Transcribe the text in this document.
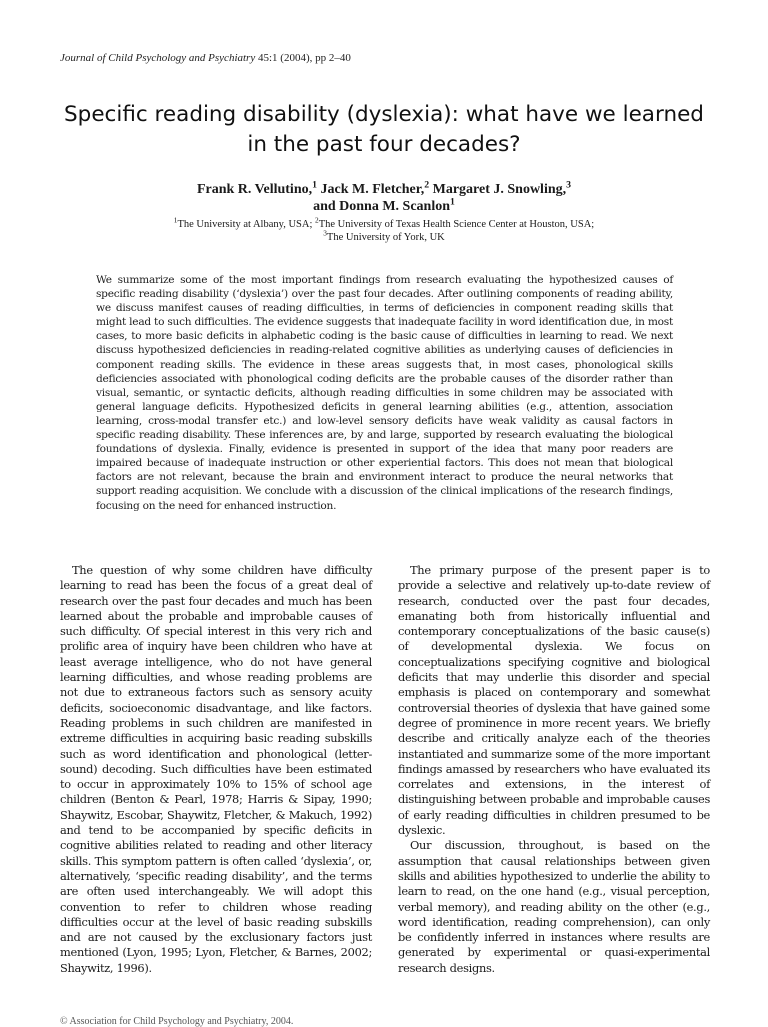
Journal of Child Psychology and Psychiatry 45:1 (2004), pp 2–40
Specific reading disability (dyslexia): what have we learned in the past four decades?
Frank R. Vellutino,$^1$ Jack M. Fletcher,$^2$ Margaret J. Snowling,$^3$
and Donna M. Scanlon$^1$
$^1$The University at Albany, USA; $^2$The University of Texas Health Science Center at Houston, USA;
$^3$The University of York, UK
We summarize some of the most important findings from research evaluating the hypothesized causes of specific reading disability (‘dyslexia’) over the past four decades. After outlining components of reading ability, we discuss manifest causes of reading difficulties, in terms of deficiencies in component reading skills that might lead to such difficulties. The evidence suggests that inadequate facility in word identification due, in most cases, to more basic deficits in alphabetic coding is the basic cause of difficulties in learning to read. We next discuss hypothesized deficiencies in reading-related cognitive abilities as underlying causes of deficiencies in component reading skills. The evidence in these areas suggests that, in most cases, phonological skills deficiencies associated with phonological coding deficits are the probable causes of the disorder rather than visual, semantic, or syntactic deficits, although reading difficulties in some children may be associated with general language deficits. Hypothesized deficits in general learning abilities (e.g., attention, association learning, cross-modal transfer etc.) and low-level sensory deficits have weak validity as causal factors in specific reading disability. These inferences are, by and large, supported by research evaluating the biological foundations of dyslexia. Finally, evidence is presented in support of the idea that many poor readers are impaired because of inadequate instruction or other experiential factors. This does not mean that biological factors are not relevant, because the brain and environment interact to produce the neural networks that support reading acquisition. We conclude with a discussion of the clinical implications of the research findings, focusing on the need for enhanced instruction.

The question of why some children have difficulty learning to read has been the focus of a great deal of research over the past four decades and much has been learned about the probable and improbable causes of such difficulty. Of special interest in this very rich and prolific area of inquiry have been children who have at least average intelligence, who do not have general learning difficulties, and whose reading problems are not due to extraneous factors such as sensory acuity deficits, socioeconomic disadvantage, and like factors. Reading problems in such children are manifested in extreme difficulties in acquiring basic reading subskills such as word identification and phonological (letter-sound) decoding. Such difficulties have been estimated to occur in approximately 10% to 15% of school age children (Benton & Pearl, 1978; Harris & Sipay, 1990; Shaywitz, Escobar, Shaywitz, Fletcher, & Makuch, 1992) and tend to be accompanied by specific deficits in cognitive abilities related to reading and other literacy skills. This symptom pattern is often called ‘dyslexia’, or, alternatively, ‘specific reading disability’, and the terms are often used interchangeably. We will adopt this convention to refer to children whose reading difficulties occur at the level of basic reading subskills and are not caused by the exclusionary factors just mentioned (Lyon, 1995; Lyon, Fletcher, & Barnes, 2002; Shaywitz, 1996).

The primary purpose of the present paper is to provide a selective and relatively up-to-date review of research, conducted over the past four decades, emanating both from historically influential and contemporary conceptualizations of the basic cause(s) of developmental dyslexia. We focus on conceptualizations specifying cognitive and biological deficits that may underlie this disorder and special emphasis is placed on contemporary and somewhat controversial theories of dyslexia that have gained some degree of prominence in more recent years. We briefly describe and critically analyze each of the theories instantiated and summarize some of the more important findings amassed by researchers who have evaluated its correlates and extensions, in the interest of distinguishing between probable and improbable causes of early reading difficulties in children presumed to be dyslexic.

Our discussion, throughout, is based on the assumption that causal relationships between given skills and abilities hypothesized to underlie the ability to learn to read, on the one hand (e.g., visual perception, verbal memory), and reading ability on the other (e.g., word identification, reading comprehension), can only be confidently inferred in instances where results are generated by experimental or quasi-experimental research designs.

© Association for Child Psychology and Psychiatry, 2004.
